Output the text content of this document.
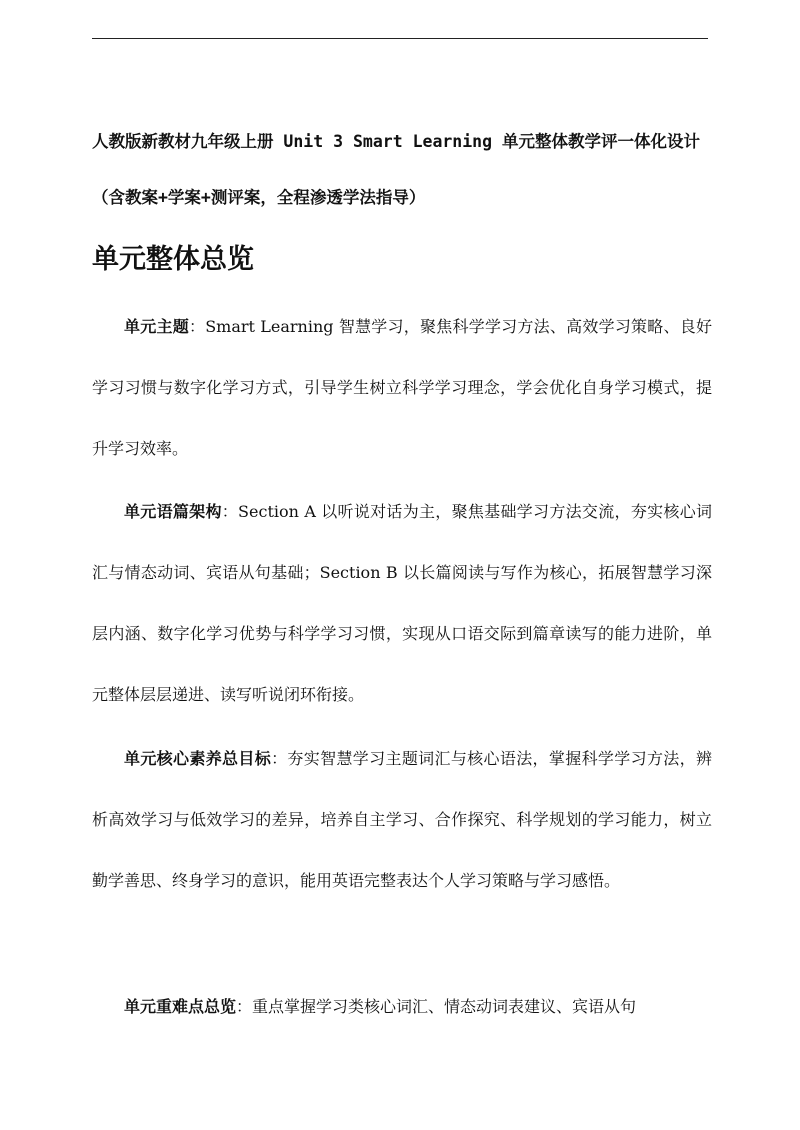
人教版新教材九年级上册 Unit 3 Smart Learning 单元整体教学评一体化设计（含教案+学案+测评案，全程渗透学法指导）
单元整体总览

单元主题：Smart Learning 智慧学习，聚焦科学学习方法、高效学习策略、良好学习习惯与数字化学习方式，引导学生树立科学学习理念，学会优化自身学习模式，提升学习效率。

单元语篇架构：Section A 以听说对话为主，聚焦基础学习方法交流，夯实核心词汇与情态动词、宾语从句基础；Section B 以长篇阅读与写作为核心，拓展智慧学习深层内涵、数字化学习优势与科学学习习惯，实现从口语交际到篇章读写的能力进阶，单元整体层层递进、读写听说闭环衔接。

单元核心素养总目标：夯实智慧学习主题词汇与核心语法，掌握科学学习方法，辨析高效学习与低效学习的差异，培养自主学习、合作探究、科学规划的学习能力，树立勤学善思、终身学习的意识，能用英语完整表达个人学习策略与学习感悟。

单元重难点总览：重点掌握学习类核心词汇、情态动词表建议、宾语从句
